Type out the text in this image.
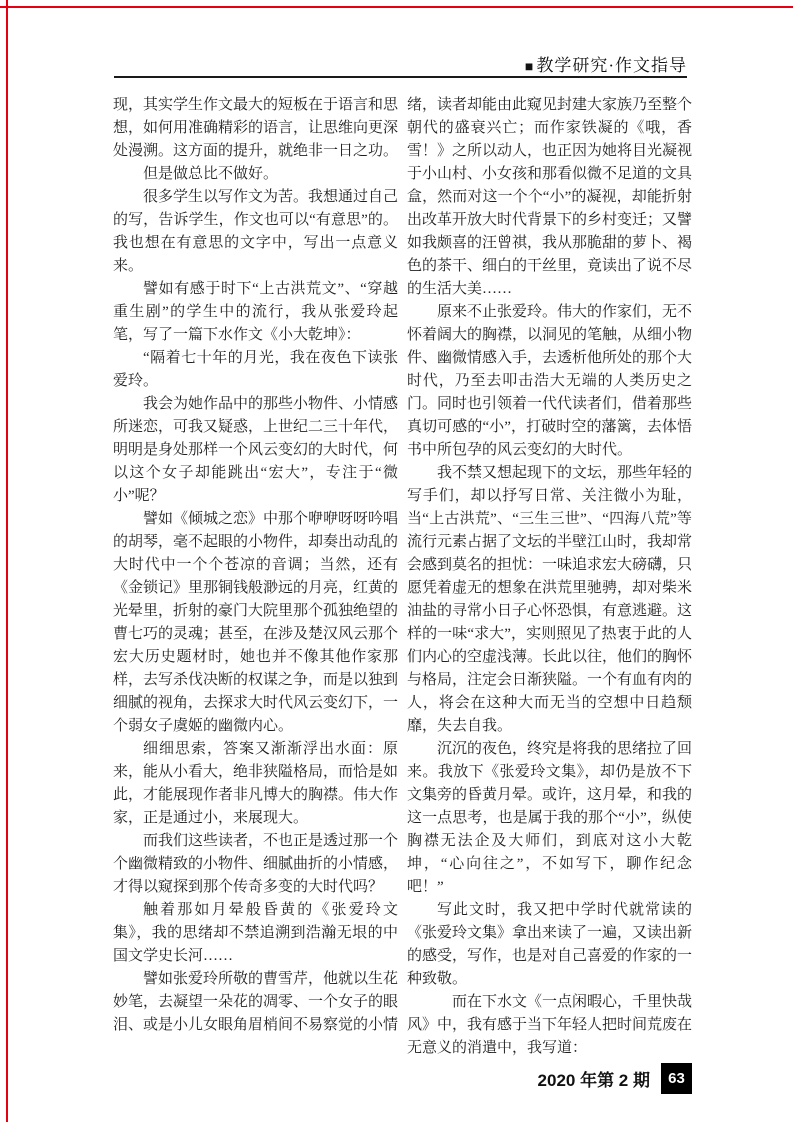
■ 教学研究·作文指导

现，其实学生作文最大的短板在于语言和思想，如何用准确精彩的语言，让思维向更深处漫溯。这方面的提升，就绝非一日之功。

但是做总比不做好。

很多学生以写作文为苦。我想通过自己的写，告诉学生，作文也可以“有意思”的。我也想在有意思的文字中，写出一点意义来。

譬如有感于时下“上古洪荒文”、“穿越重生剧”的学生中的流行，我从张爱玲起笔，写了一篇下水作文《小大乾坤》：

“隔着七十年的月光，我在夜色下读张爱玲。

我会为她作品中的那些小物件、小情感所迷恋，可我又疑惑，上世纪二三十年代，明明是身处那样一个风云变幻的大时代，何以这个女子却能跳出“宏大”，专注于“微小”呢？

譬如《倾城之恋》中那个咿咿呀呀吟唱的胡琴，毫不起眼的小物件，却奏出动乱的大时代中一个个苍凉的音调；当然，还有《金锁记》里那铜钱般渺远的月亮，红黄的光晕里，折射的豪门大院里那个孤独绝望的曹七巧的灵魂；甚至，在涉及楚汉风云那个宏大历史题材时，她也并不像其他作家那样，去写杀伐决断的权谋之争，而是以独到细腻的视角，去探求大时代风云变幻下，一个弱女子虞姬的幽微内心。

细细思索，答案又渐渐浮出水面：原来，能从小看大，绝非狭隘格局，而恰是如此，才能展现作者非凡博大的胸襟。伟大作家，正是通过小，来展现大。

而我们这些读者，不也正是透过那一个个幽微精致的小物件、细腻曲折的小情感，才得以窥探到那个传奇多变的大时代吗？

触着那如月晕般昏黄的《张爱玲文集》，我的思绪却不禁追溯到浩瀚无垠的中国文学史长河……

譬如张爱玲所敬的曹雪芹，他就以生花妙笔，去凝望一朵花的凋零、一个女子的眼泪、或是小儿女眼角眉梢间不易察觉的小情

绪，读者却能由此窥见封建大家族乃至整个朝代的盛衰兴亡；而作家铁凝的《哦，香雪！》之所以动人，也正因为她将目光凝视于小山村、小女孩和那看似微不足道的文具盒，然而对这一个个“小”的凝视，却能折射出改革开放大时代背景下的乡村变迁；又譬如我颇喜的汪曾祺，我从那脆甜的萝卜、褐色的茶干、细白的干丝里，竟读出了说不尽的生活大美……

原来不止张爱玲。伟大的作家们，无不怀着阔大的胸襟，以洞见的笔触，从细小物件、幽微情感入手，去透析他所处的那个大时代，乃至去叩击浩大无端的人类历史之门。同时也引领着一代代读者们，借着那些真切可感的“小”，打破时空的藩篱，去体悟书中所包孕的风云变幻的大时代。

我不禁又想起现下的文坛，那些年轻的写手们，却以抒写日常、关注微小为耻，当“上古洪荒”、“三生三世”、“四海八荒”等流行元素占据了文坛的半壁江山时，我却常会感到莫名的担忧：一味追求宏大磅礴，只愿凭着虚无的想象在洪荒里驰骋，却对柴米油盐的寻常小日子心怀恐惧，有意逃避。这样的一味“求大”，实则照见了热衷于此的人们内心的空虚浅薄。长此以往，他们的胸怀与格局，注定会日渐狭隘。一个有血有肉的人，将会在这种大而无当的空想中日趋颓靡，失去自我。

沉沉的夜色，终究是将我的思绪拉了回来。我放下《张爱玲文集》，却仍是放不下文集旁的昏黄月晕。或许，这月晕，和我的这一点思考，也是属于我的那个“小”，纵使胸襟无法企及大师们，到底对这小大乾坤，“心向往之”，不如写下，聊作纪念吧！”

写此文时，我又把中学时代就常读的《张爱玲文集》拿出来读了一遍，又读出新的感受，写作，也是对自己喜爱的作家的一种致敬。

而在下水文《一点闲暇心，千里快哉风》中，我有感于当下年轻人把时间荒废在无意义的消遣中，我写道：

2020 年第 2 期	63
